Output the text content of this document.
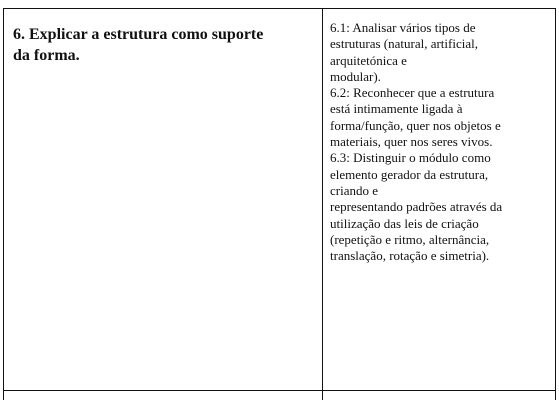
6. Explicar a estrutura como suporte
da forma.
6.1: Analisar vários tipos de
estruturas (natural, artificial,
arquitetónica e
modular).
6.2: Reconhecer que a estrutura
está intimamente ligada à
forma/função, quer nos objetos e
materiais, quer nos seres vivos.
6.3: Distinguir o módulo como
elemento gerador da estrutura,
criando e
representando padrões através da
utilização das leis de criação
(repetição e ritmo, alternância,
translação, rotação e simetria).
